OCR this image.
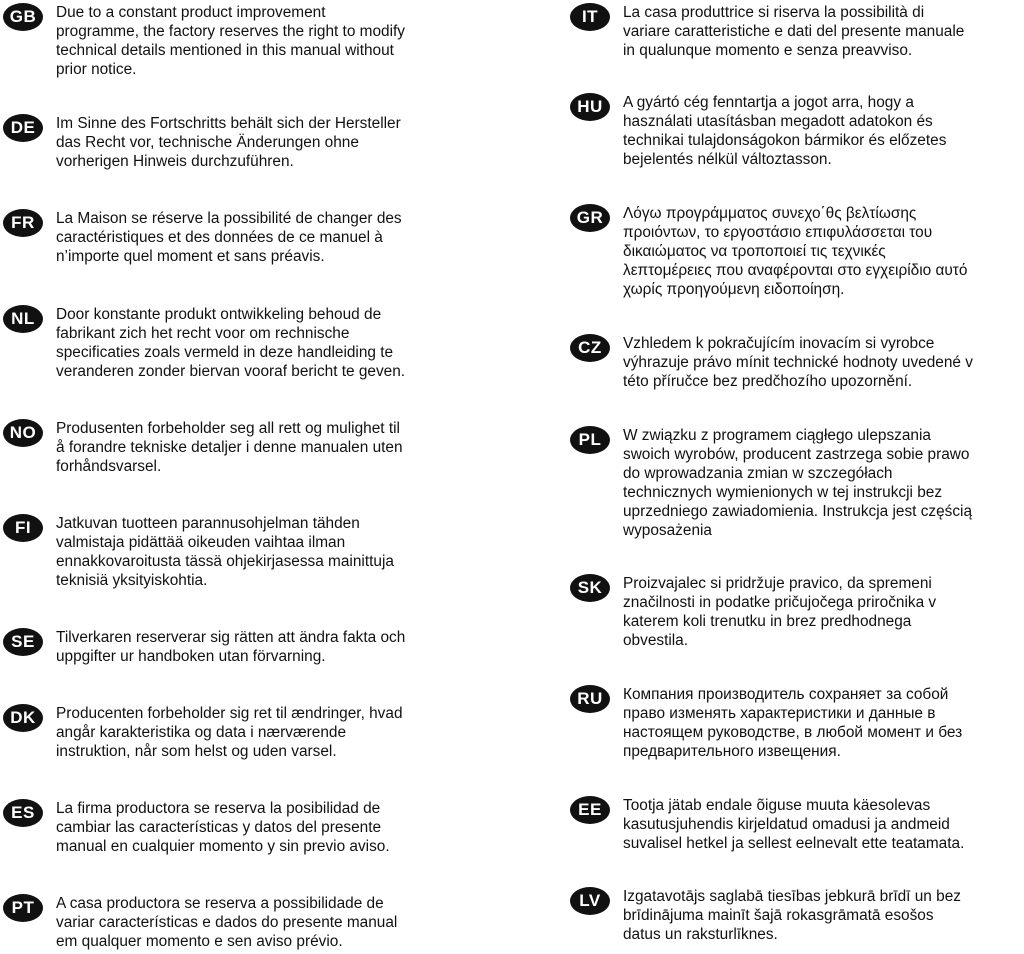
GB	Due to a constant product improvement
programme, the factory reserves the right to modify
technical details mentioned in this manual without
prior notice.

DE	Im Sinne des Fortschritts behält sich der Hersteller
das Recht vor, technische Änderungen ohne
vorherigen Hinweis durchzuführen.

FR	La Maison se réserve la possibilité de changer des
caractéristiques et des données de ce manuel à
n’importe quel moment et sans préavis.

NL	Door konstante produkt ontwikkeling behoud de
fabrikant zich het recht voor om rechnische
specificaties zoals vermeld in deze handleiding te
veranderen zonder biervan vooraf bericht te geven.

NO	Produsenten forbeholder seg all rett og mulighet til
å forandre tekniske detaljer i denne manualen uten
forhåndsvarsel.

FI	Jatkuvan tuotteen parannusohjelman tähden
valmistaja pidättää oikeuden vaihtaa ilman
ennakkovaroitusta tässä ohjekirjasessa mainittuja
teknisiä yksityiskohtia.

SE	Tilverkaren reserverar sig rätten att ändra fakta och
uppgifter ur handboken utan förvarning.

DK	Producenten forbeholder sig ret til ændringer, hvad
angår karakteristika og data i nærværende
instruktion, når som helst og uden varsel.

ES	La firma productora se reserva la posibilidad de
cambiar las características y datos del presente
manual en cualquier momento y sin previo aviso.

PT	A casa productora se reserva a possibilidade de
variar características e dados do presente manual
em qualquer momento e sen aviso prévio.

IT	La casa produttrice si riserva la possibilità di
variare caratteristiche e dati del presente manuale
in qualunque momento e senza preavviso.

HU	A gyártó cég fenntartja a jogot arra, hogy a
használati utasításban megadott adatokon és
technikai tulajdonságokon bármikor és előzetes
bejelentés nélkül változtasson.

GR	Λόγω προγράμματος συνεχο΄θς βελτίωσης
προιόντων, το εργοστάσιο επιφυλάσσεται του
δικαιώματος να τροποποιεί τις τεχνικές
λεπτομέρειες που αναφέρονται στο εγχειρίδιο αυτό
χωρίς προηγούμενη ειδοποίηση.

CZ	Vzhledem k pokračujícím inovacím si vyrobce
výhrazuje právo mínit technické hodnoty uvedené v
této příručce bez predčhozího upozornění.

PL	W związku z programem ciągłego ulepszania
swoich wyrobów, producent zastrzega sobie prawo
do wprowadzania zmian w szczegółach
technicznych wymienionych w tej instrukcji bez
uprzedniego zawiadomienia. Instrukcja jest częścią
wyposażenia

SK	Proizvajalec si pridržuje pravico, da spremeni
značilnosti in podatke pričujočega priročnika v
katerem koli trenutku in brez predhodnega
obvestila.

RU	Компания производитель сохраняет за собой
право изменять характеристики и данные в
настоящем руководстве, в любой момент и без
предварительного извещения.

EE	Tootja jätab endale õiguse muuta käesolevas
kasutusjuhendis kirjeldatud omadusi ja andmeid
suvalisel hetkel ja sellest eelnevalt ette teatamata.

LV	Izgatavotājs saglabā tiesības jebkurā brīdī un bez
brīdinājuma mainīt šajā rokasgrāmatā esošos
datus un raksturlīknes.
